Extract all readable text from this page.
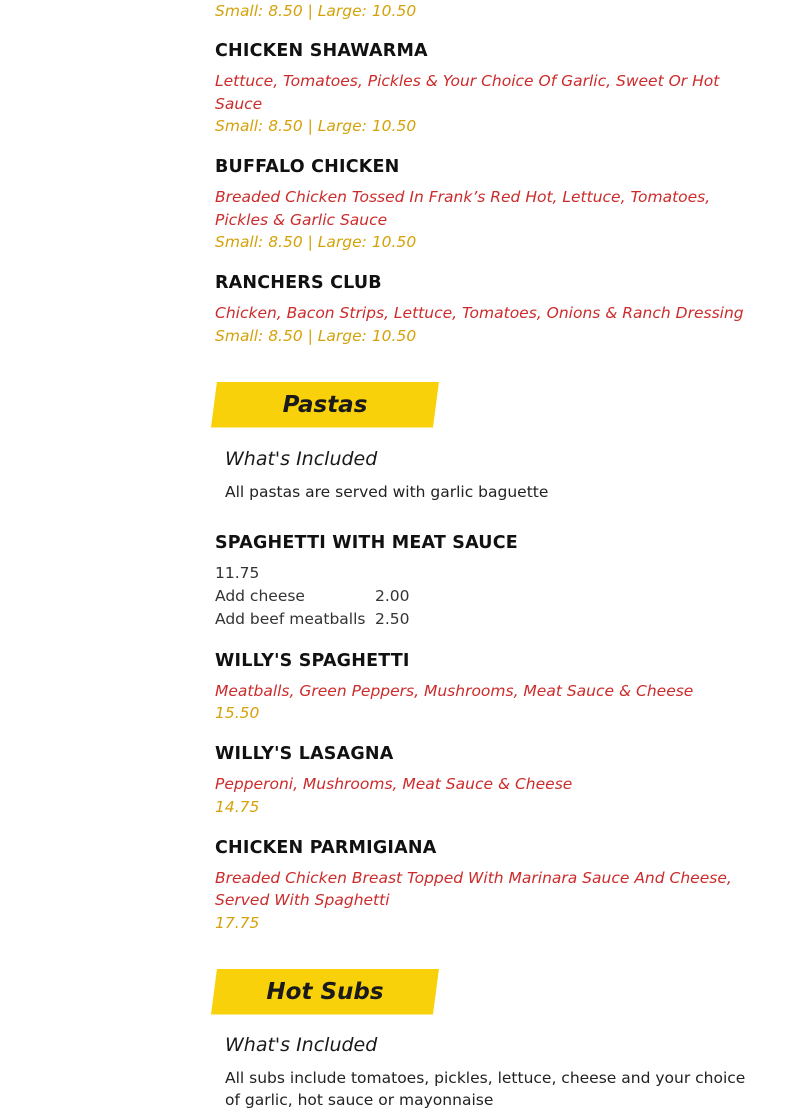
Small: 8.50 | Large: 10.50

CHICKEN SHAWARMA

Lettuce, Tomatoes, Pickles & Your Choice Of Garlic, Sweet Or Hot Sauce

Small: 8.50 | Large: 10.50

BUFFALO CHICKEN

Breaded Chicken Tossed In Frank’s Red Hot, Lettuce, Tomatoes, Pickles & Garlic Sauce

Small: 8.50 | Large: 10.50

RANCHERS CLUB

Chicken, Bacon Strips, Lettuce, Tomatoes, Onions & Ranch Dressing

Small: 8.50 | Large: 10.50

Pastas
What's Included
All pastas are served with garlic baguette
SPAGHETTI WITH MEAT SAUCE

11.75

Add cheese	2.00
Add beef meatballs 2.50
WILLY'S SPAGHETTI

Meatballs, Green Peppers, Mushrooms, Meat Sauce & Cheese

15.50

WILLY'S LASAGNA

Pepperoni, Mushrooms, Meat Sauce & Cheese

14.75

CHICKEN PARMIGIANA

Breaded Chicken Breast Topped With Marinara Sauce And Cheese, Served With Spaghetti

17.75

Hot Subs
What's Included
All subs include tomatoes, pickles, lettuce, cheese and your choice of garlic, hot sauce or mayonnaise
